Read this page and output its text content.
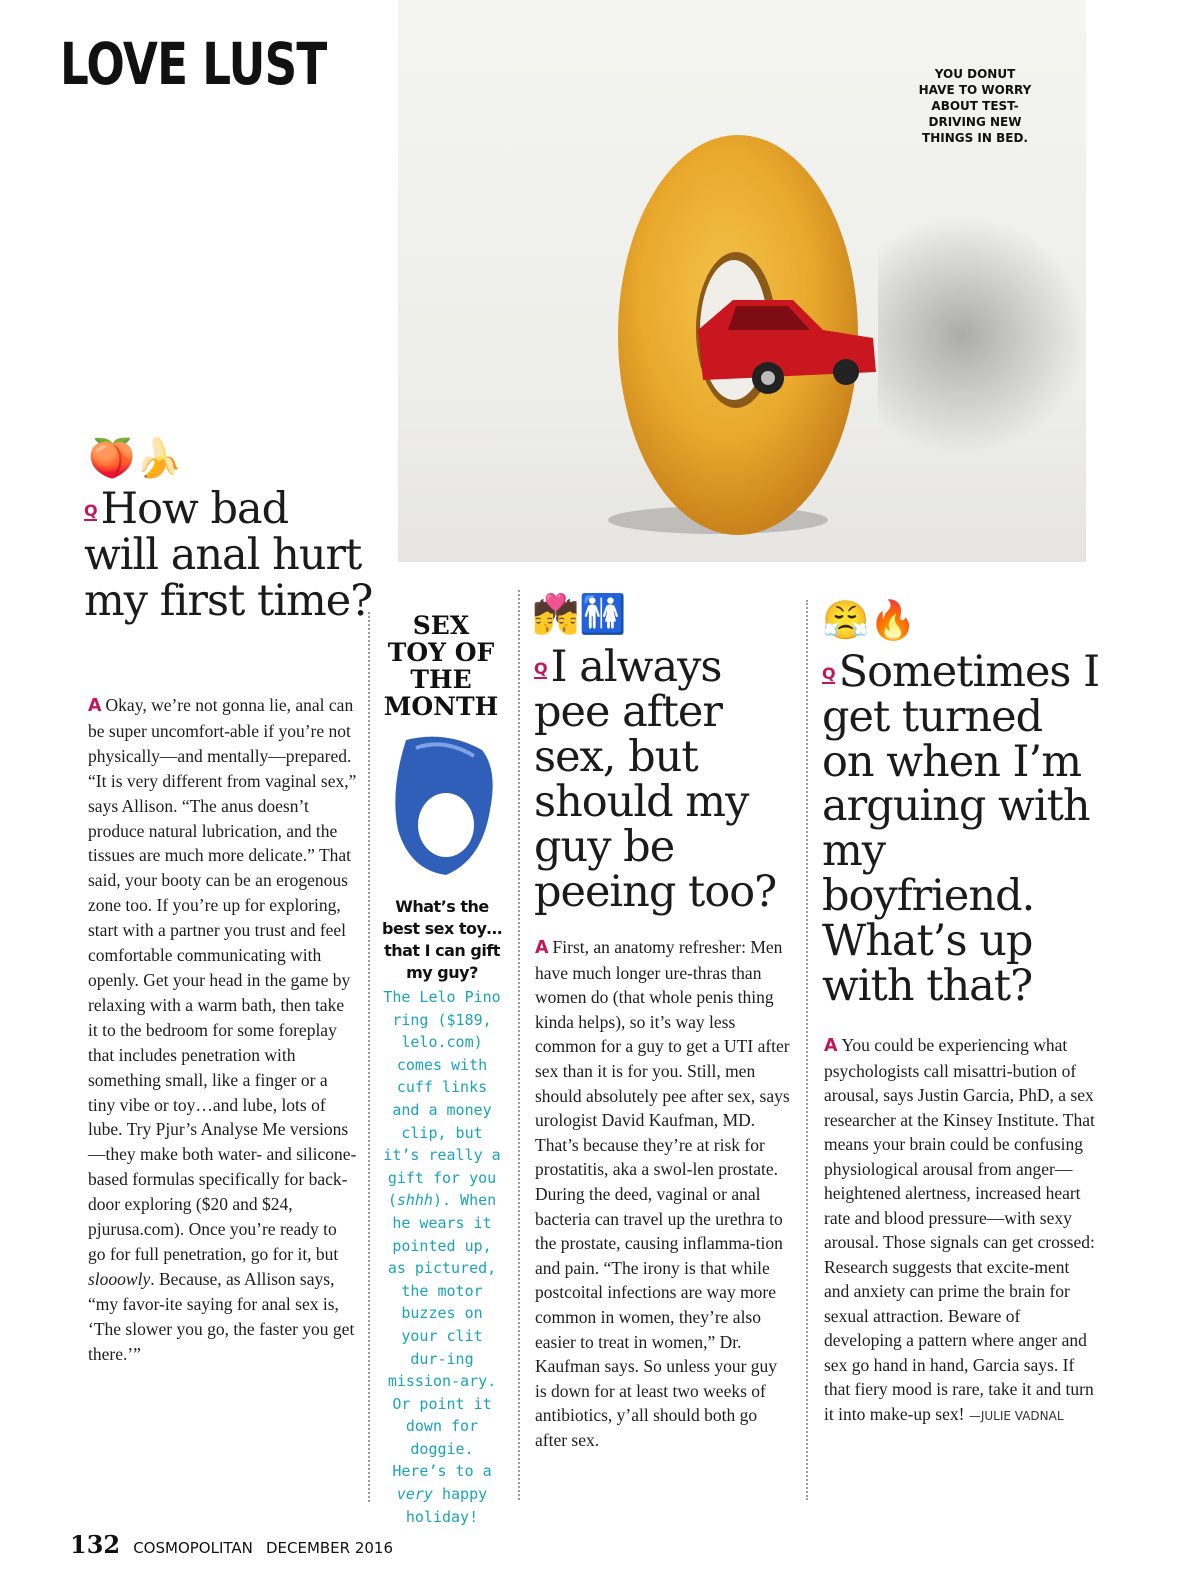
LOVE LUST	YOU DONUT
HAVE TO WORRY
ABOUT TEST-
DRIVING NEW
THINGS IN BED.
🍑🍌
QHow bad will anal hurt my first time?
A Okay, we’re not gonna lie, anal can be super uncomfort-able if you’re not physically—and mentally—prepared. “It is very different from vaginal sex,” says Allison. “The anus doesn’t produce natural lubrication, and the tissues are much more delicate.” That said, your booty can be an erogenous zone too. If you’re up for exploring, start with a partner you trust and feel comfortable communicating with openly. Get your head in the game by relaxing with a warm bath, then take it to the bedroom for some foreplay that includes penetration with something small, like a finger or a tiny vibe or toy…and lube, lots of lube. Try Pjur’s Analyse Me versions—they make both water- and silicone-based formulas specifically for back-door exploring ($20 and $24, pjurusa.com). Once you’re ready to go for full penetration, go for it, but slooowly. Because, as Allison says, “my favor-ite saying for anal sex is, ‘The slower you go, the faster you get there.’”
SEX TOY OF THE MONTH
What’s the best sex toy… that I can gift my guy?
The Lelo Pino ring ($189, lelo.com) comes with cuff links and a money clip, but it’s really a gift for you (shhh). When he wears it pointed up, as pictured, the motor buzzes on your clit dur-ing mission-ary. Or point it down for doggie. Here’s to a very happy holiday!
💏🚻
QI always pee after sex, but should my guy be peeing too?
A First, an anatomy refresher: Men have much longer ure-thras than women do (that whole penis thing kinda helps), so it’s way less common for a guy to get a UTI after sex than it is for you. Still, men should absolutely pee after sex, says urologist David Kaufman, MD. That’s because they’re at risk for prostatitis, aka a swol-len prostate. During the deed, vaginal or anal bacteria can travel up the urethra to the prostate, causing inflamma-tion and pain. “The irony is that while postcoital infections are way more common in women, they’re also easier to treat in women,” Dr. Kaufman says. So unless your guy is down for at least two weeks of antibiotics, y’all should both go after sex.
😤🔥
QSometimes I get turned on when I’m arguing with my boyfriend. What’s up with that?
A You could be experiencing what psychologists call misattri-bution of arousal, says Justin Garcia, PhD, a sex researcher at the Kinsey Institute. That means your brain could be confusing physiological arousal from anger—heightened alertness, increased heart rate and blood pressure—with sexy arousal. Those signals can get crossed: Research suggests that excite-ment and anxiety can prime the brain for sexual attraction. Beware of developing a pattern where anger and sex go hand in hand, Garcia says. If that fiery mood is rare, take it and turn it into make-up sex! —JULIE VADNAL
132 COSMOPOLITAN DECEMBER 2016
